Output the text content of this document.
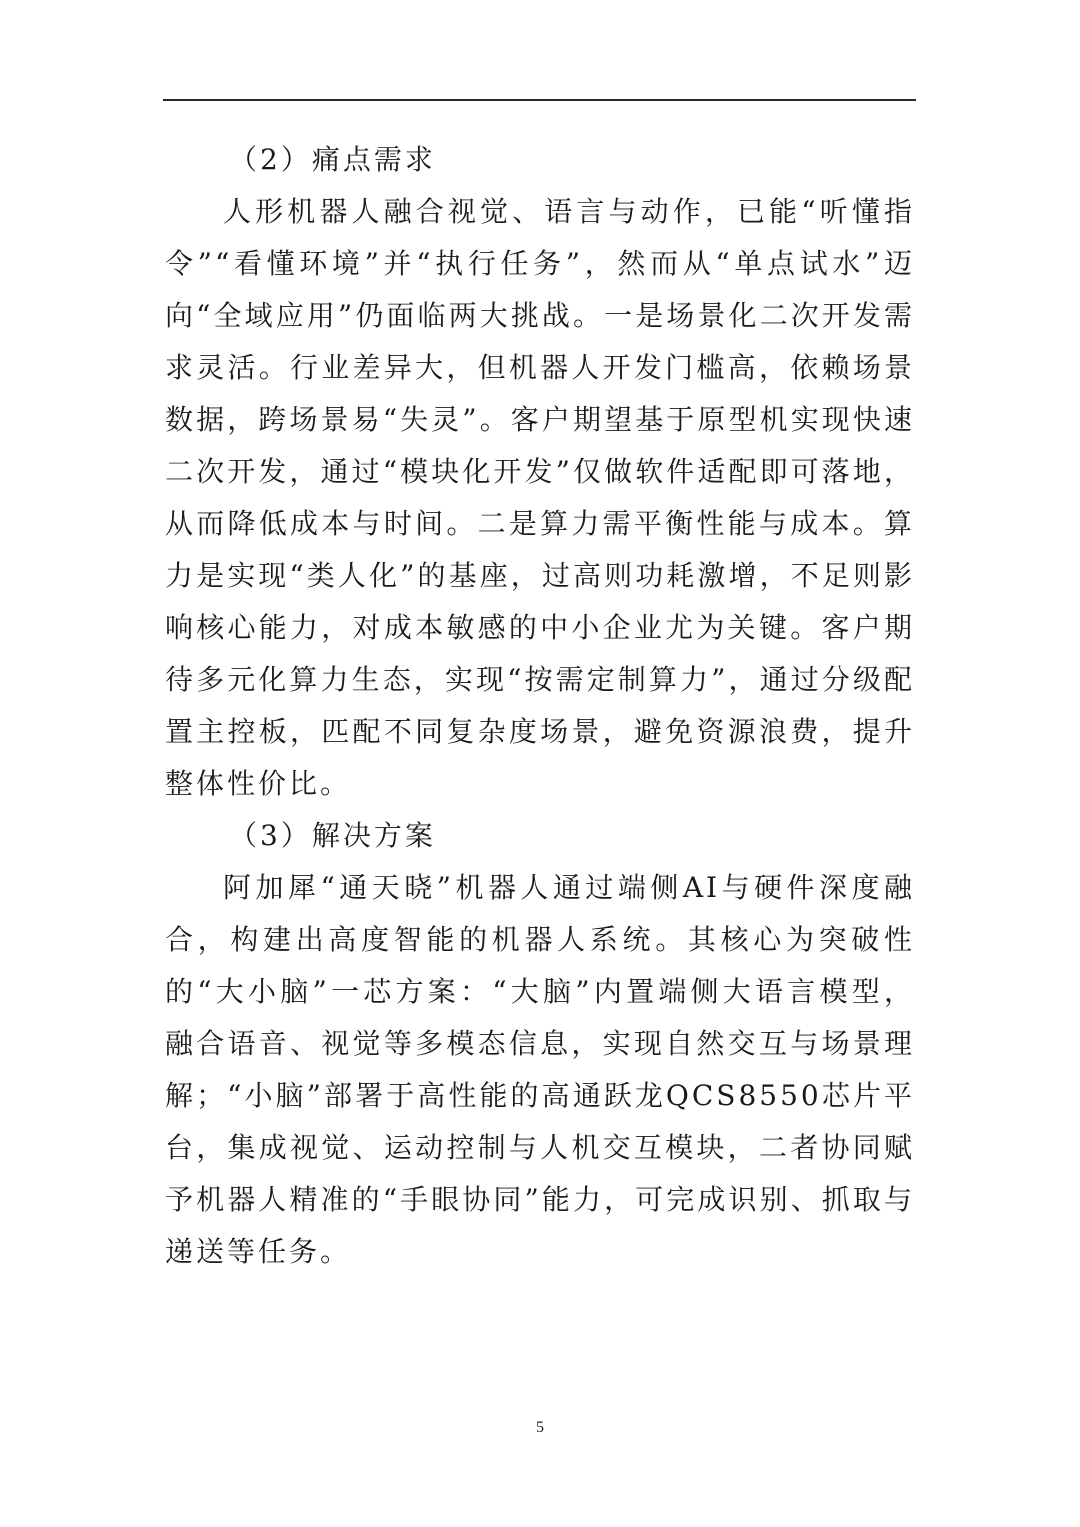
（2）痛点需求

人形机器人融合视觉、语言与动作，已能“听懂指令”“看懂环境”并“执行任务”，然而从“单点试水”迈向“全域应用”仍面临两大挑战。一是场景化二次开发需求灵活。行业差异大，但机器人开发门槛高，依赖场景数据，跨场景易“失灵”。客户期望基于原型机实现快速二次开发，通过“模块化开发”仅做软件适配即可落地，从而降低成本与时间。二是算力需平衡性能与成本。算力是实现“类人化”的基座，过高则功耗激增，不足则影响核心能力，对成本敏感的中小企业尤为关键。客户期待多元化算力生态，实现“按需定制算力”，通过分级配置主控板，匹配不同复杂度场景，避免资源浪费，提升整体性价比。

（3）解决方案

阿加犀“通天晓”机器人通过端侧AI与硬件深度融合，构建出高度智能的机器人系统。其核心为突破性的“大小脑”一芯方案：“大脑”内置端侧大语言模型，融合语音、视觉等多模态信息，实现自然交互与场景理解；“小脑”部署于高性能的高通跃龙QCS8550芯片平台，集成视觉、运动控制与人机交互模块，二者协同赋予机器人精准的“手眼协同”能力，可完成识别、抓取与递送等任务。

5
